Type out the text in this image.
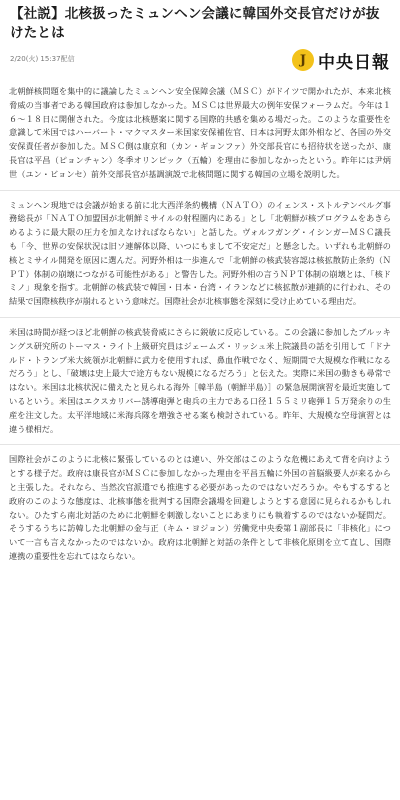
【社説】北核扱ったミュンヘン会議に韓国外交長官だけが抜けたとは
2/20(火) 15:37配信	J 中央日報

北朝鮮核問題を集中的に議論したミュンヘン安全保障会議（ＭＳＣ）がドイツで開かれたが、本来北核脅威の当事者である韓国政府は参加しなかった。ＭＳＣは世界最大の例年安保フォーラムだ。今年は１６～１８日に開催された。今度は北核懸案に関する国際的共感を集める場だった。このような重要性を意識して米国ではハーバート・マクマスター米国家安保補佐官、日本は河野太郎外相など、各国の外交安保責任者が参加した。ＭＳＣ側は康京和（カン・ギョンファ）外交部長官にも招待状を送ったが、康長官は平昌（ピョンチャン）冬季オリンピック（五輪）を理由に参加しなかったという。昨年には尹炳世（ユン・ビョンセ）前外交部長官が基調演説で北核問題に関する韓国の立場を説明した。

ミュンヘン現地では会議が始まる前に北大西洋条約機構（ＮＡＴＯ）のイェンス・ストルテンベルグ事務総長が「ＮＡＴＯ加盟国が北朝鮮ミサイルの射程圏内にある」とし「北朝鮮が核プログラムをあきらめるように最大限の圧力を加えなければならない」と話した。ヴォルフガング・イシンガーＭＳＣ議長も「今、世界の安保状況は旧ソ連解体以降、いつにもまして不安定だ」と懸念した。いずれも北朝鮮の核とミサイル開発を原因に選んだ。河野外相は一歩進んで「北朝鮮の核武装容認は核拡散防止条約（ＮＰＴ）体制の崩壊につながる可能性がある」と警告した。河野外相の言うＮＰＴ体制の崩壊とは、「核ドミノ」現象を指す。北朝鮮の核武装で韓国・日本・台湾・イランなどに核拡散が連鎖的に行われ、その結果で国際核秩序が崩れるという意味だ。国際社会が北核事態を深刻に受け止めている理由だ。

米国は時間が経つほど北朝鮮の核武装脅威にさらに鋭敏に反応している。この会議に参加したブルッキングス研究所のトーマス・ライト上級研究員はジェームズ・リッシュ米上院議員の話を引用して「ドナルド・トランプ米大統領が北朝鮮に武力を使用すれば、鼻血作戦でなく、短期間で大規模な作戦になるだろう」とし、「破壊は史上最大で途方もない規模になるだろう」と伝えた。実際に米国の動きも尋常ではない。米国は北核状況に備えたと見られる海外［韓半島（朝鮮半島）］の緊急展開演習を最近実施しているという。米国はエクスカリバー誘導砲弾と砲兵の主力である口径１５５ミリ砲弾１５万発余りの生産を注文した。太平洋地域に米海兵隊を増強させる案も検討されている。昨年、大規模な空母演習とは違う様相だ。

国際社会がこのように北核に緊張しているのとは違い、外交部はこのような危機にあえて背を向けようとする様子だ。政府は康長官がＭＳＣに参加しなかった理由を平昌五輪に外国の首脳級要人が来るからと主張した。それなら、当然次官派遣でも推進する必要があったのではないだろうか。やもするすると政府のこのような態度は、北核事態を批判する国際会議場を回避しようとする意図に見られるかもしれない。ひたすら南北対話のために北朝鮮を刺激しないことにあまりにも執着するのではないか疑問だ。そうするうちに訪韓した北朝鮮の金与正（キム・ヨジョン）労働党中央委第１副部長に「非核化」について一言も言えなかったのではないか。政府は北朝鮮と対話の条件として非核化原則を立て直し、国際連携の重要性を忘れてはならない。
